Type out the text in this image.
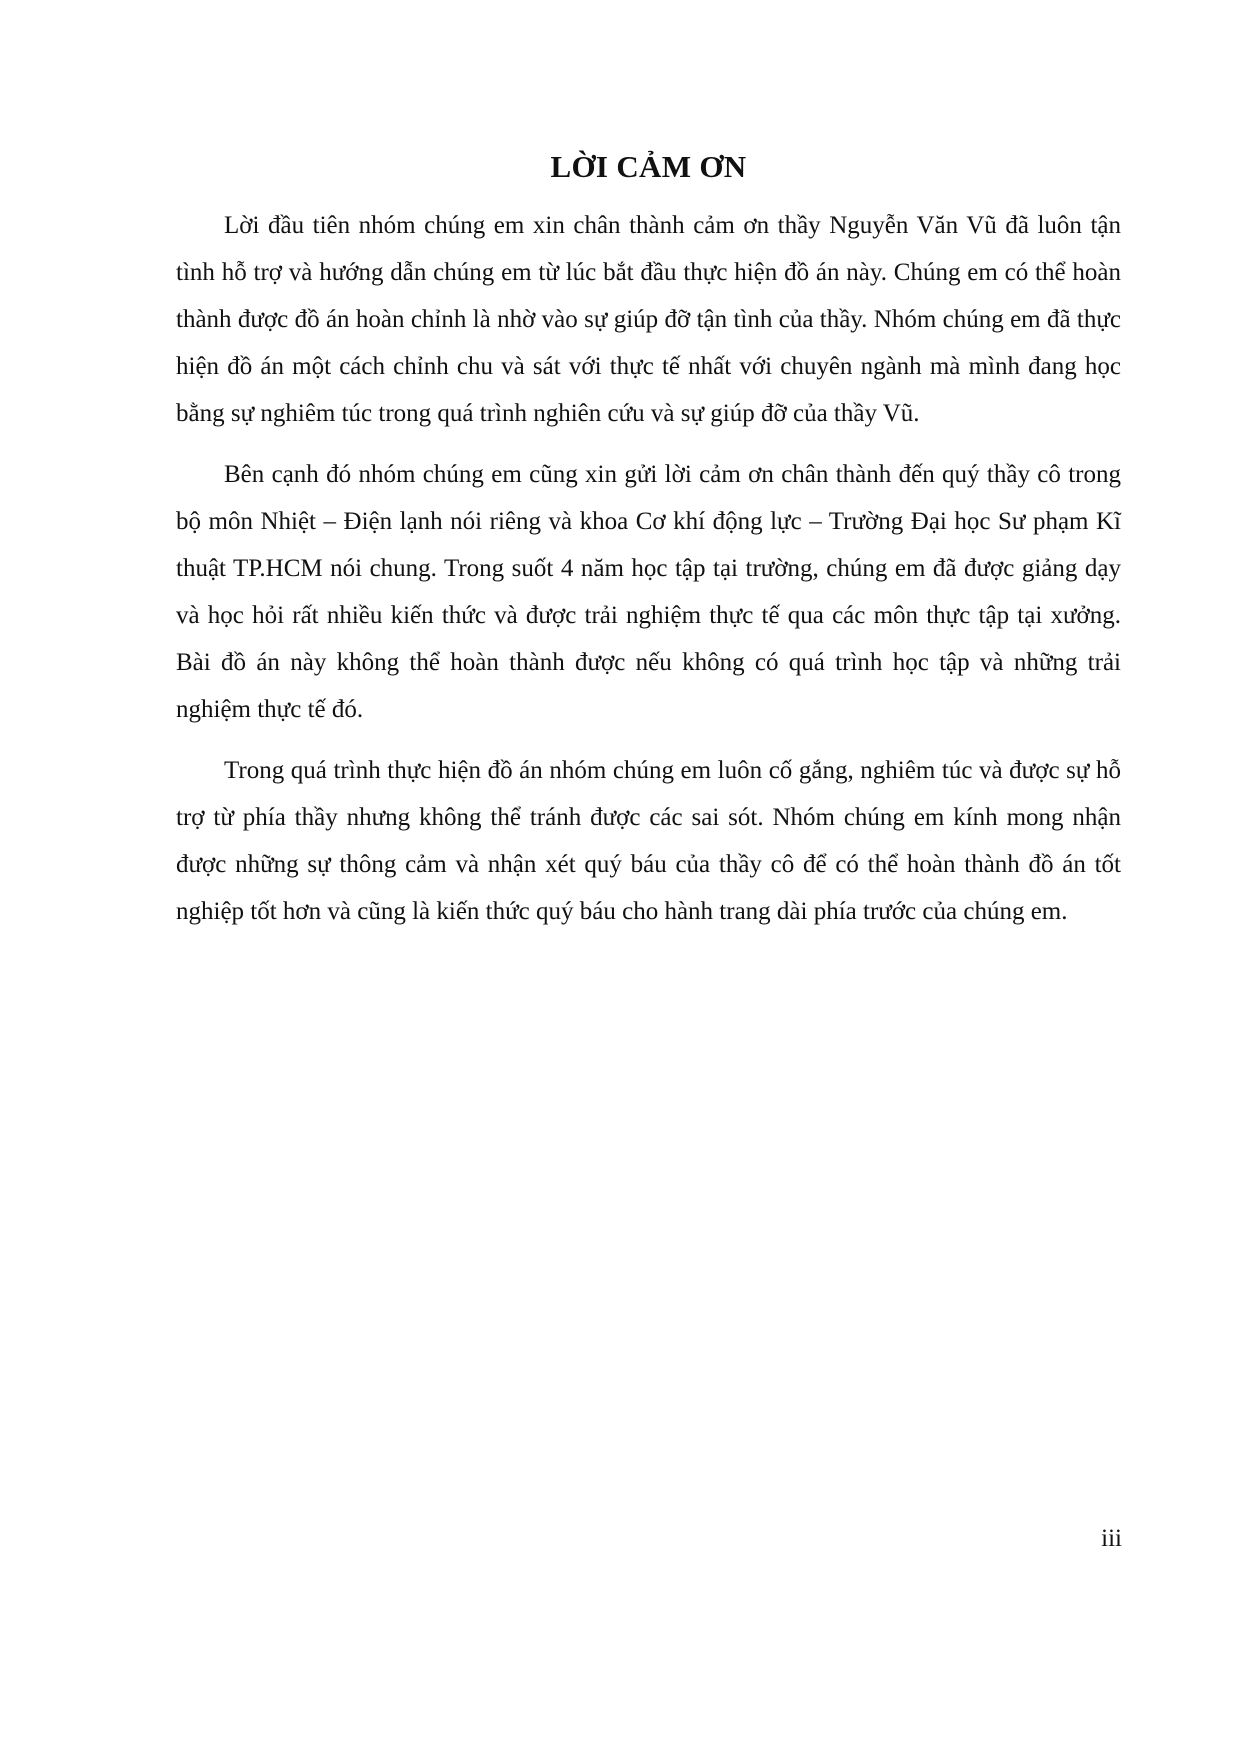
LỜI CẢM ƠN

Lời đầu tiên nhóm chúng em xin chân thành cảm ơn thầy Nguyễn Văn Vũ đã luôn tận tình hỗ trợ và hướng dẫn chúng em từ lúc bắt đầu thực hiện đồ án này. Chúng em có thể hoàn thành được đồ án hoàn chỉnh là nhờ vào sự giúp đỡ tận tình của thầy. Nhóm chúng em đã thực hiện đồ án một cách chỉnh chu và sát với thực tế nhất với chuyên ngành mà mình đang học bằng sự nghiêm túc trong quá trình nghiên cứu và sự giúp đỡ của thầy Vũ.

Bên cạnh đó nhóm chúng em cũng xin gửi lời cảm ơn chân thành đến quý thầy cô trong bộ môn Nhiệt – Điện lạnh nói riêng và khoa Cơ khí động lực – Trường Đại học Sư phạm Kĩ thuật TP.HCM nói chung. Trong suốt 4 năm học tập tại trường, chúng em đã được giảng dạy và học hỏi rất nhiều kiến thức và được trải nghiệm thực tế qua các môn thực tập tại xưởng. Bài đồ án này không thể hoàn thành được nếu không có quá trình học tập và những trải nghiệm thực tế đó.

Trong quá trình thực hiện đồ án nhóm chúng em luôn cố gắng, nghiêm túc và được sự hỗ trợ từ phía thầy nhưng không thể tránh được các sai sót. Nhóm chúng em kính mong nhận được những sự thông cảm và nhận xét quý báu của thầy cô để có thể hoàn thành đồ án tốt nghiệp tốt hơn và cũng là kiến thức quý báu cho hành trang dài phía trước của chúng em.

iii
